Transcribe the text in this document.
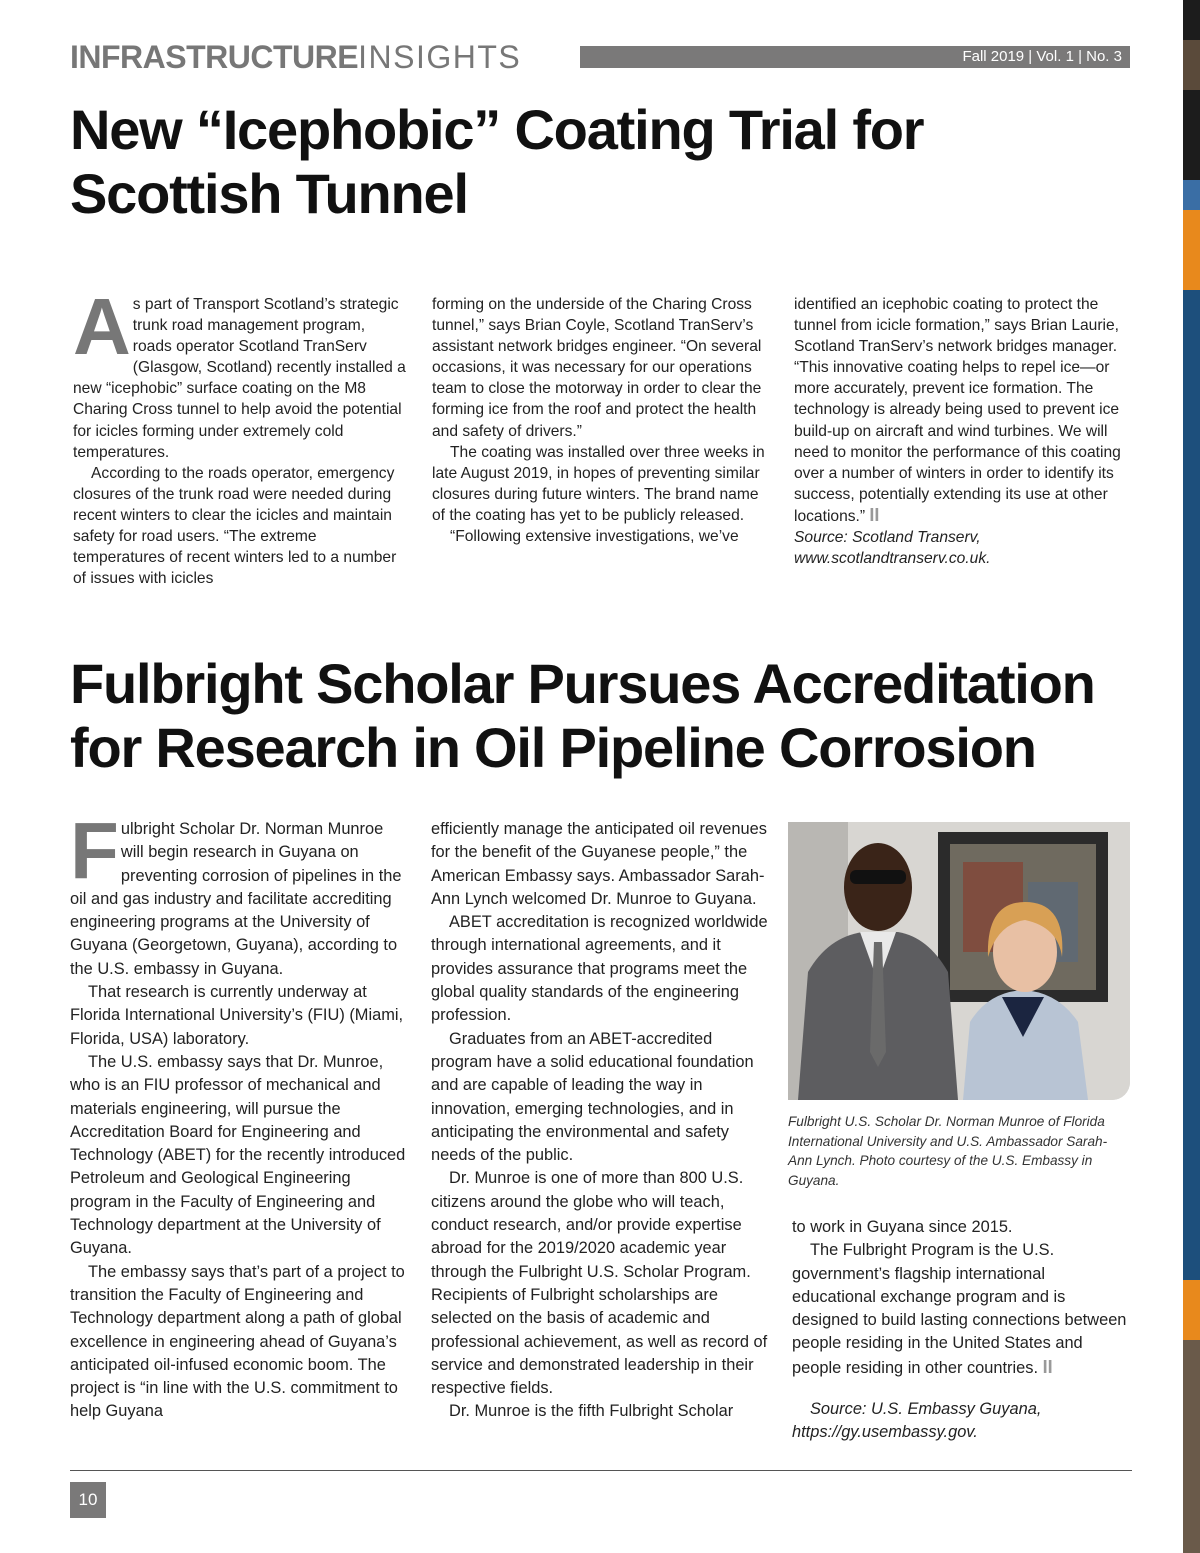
INFRASTRUCTUREINSIGHTS	Fall 2019 | Vol. 1 | No. 3
New “Icephobic” Coating Trial for
Scottish Tunnel

As part of Transport Scotland’s strategic trunk road management program, roads operator Scotland TranServ (Glasgow, Scotland) recently installed a new “icephobic” surface coating on the M8 Charing Cross tunnel to help avoid the potential for icicles forming under extremely cold temperatures.

According to the roads operator, emergency closures of the trunk road were needed during recent winters to clear the icicles and maintain safety for road users. “The extreme temperatures of recent winters led to a number of issues with icicles

forming on the underside of the Charing Cross tunnel,” says Brian Coyle, Scotland TranServ’s assistant network bridges engineer. “On several occasions, it was necessary for our operations team to close the motorway in order to clear the forming ice from the roof and protect the health and safety of drivers.”

The coating was installed over three weeks in late August 2019, in hopes of preventing similar closures during future winters. The brand name of the coating has yet to be publicly released.

“Following extensive investigations, we’ve

identified an icephobic coating to protect the tunnel from icicle formation,” says Brian Laurie, Scotland TranServ’s network bridges manager. “This innovative coating helps to repel ice—or more accurately, prevent ice formation. The technology is already being used to prevent ice build-up on aircraft and wind turbines. We will need to monitor the performance of this coating over a number of winters in order to identify its success, potentially extending its use at other locations.” II

Source: Scotland Transerv, www.scotlandtranserv.co.uk.

Fulbright Scholar Pursues Accreditation
for Research in Oil Pipeline Corrosion

Fulbright Scholar Dr. Norman Munroe will begin research in Guyana on preventing corrosion of pipelines in the oil and gas industry and facilitate accrediting engineering programs at the University of Guyana (Georgetown, Guyana), according to the U.S. embassy in Guyana.

That research is currently underway at Florida International University’s (FIU) (Miami, Florida, USA) laboratory.

The U.S. embassy says that Dr. Munroe, who is an FIU professor of mechanical and materials engineering, will pursue the Accreditation Board for Engineering and Technology (ABET) for the recently introduced Petroleum and Geological Engineering program in the Faculty of Engineering and Technology department at the University of Guyana.

The embassy says that’s part of a project to transition the Faculty of Engineering and Technology department along a path of global excellence in engineering ahead of Guyana’s anticipated oil-infused economic boom. The project is “in line with the U.S. commitment to help Guyana

efficiently manage the anticipated oil revenues for the benefit of the Guyanese people,” the American Embassy says. Ambassador Sarah-Ann Lynch welcomed Dr. Munroe to Guyana.

ABET accreditation is recognized worldwide through international agreements, and it provides assurance that programs meet the global quality standards of the engineering profession.

Graduates from an ABET-accredited program have a solid educational foundation and are capable of leading the way in innovation, emerging technologies, and in anticipating the environmental and safety needs of the public.

Dr. Munroe is one of more than 800 U.S. citizens around the globe who will teach, conduct research, and/or provide expertise abroad for the 2019/2020 academic year through the Fulbright U.S. Scholar Program. Recipients of Fulbright scholarships are selected on the basis of academic and professional achievement, as well as record of service and demonstrated leadership in their respective fields.

Dr. Munroe is the fifth Fulbright Scholar

Fulbright U.S. Scholar Dr. Norman Munroe of Florida International University and U.S. Ambassador Sarah-Ann Lynch. Photo courtesy of the U.S. Embassy in Guyana.

to work in Guyana since 2015.

The Fulbright Program is the U.S. government’s flagship international educational exchange program and is designed to build lasting connections between people residing in the United States and people residing in other countries. II

Source: U.S. Embassy Guyana, https://gy.usembassy.gov.

10
